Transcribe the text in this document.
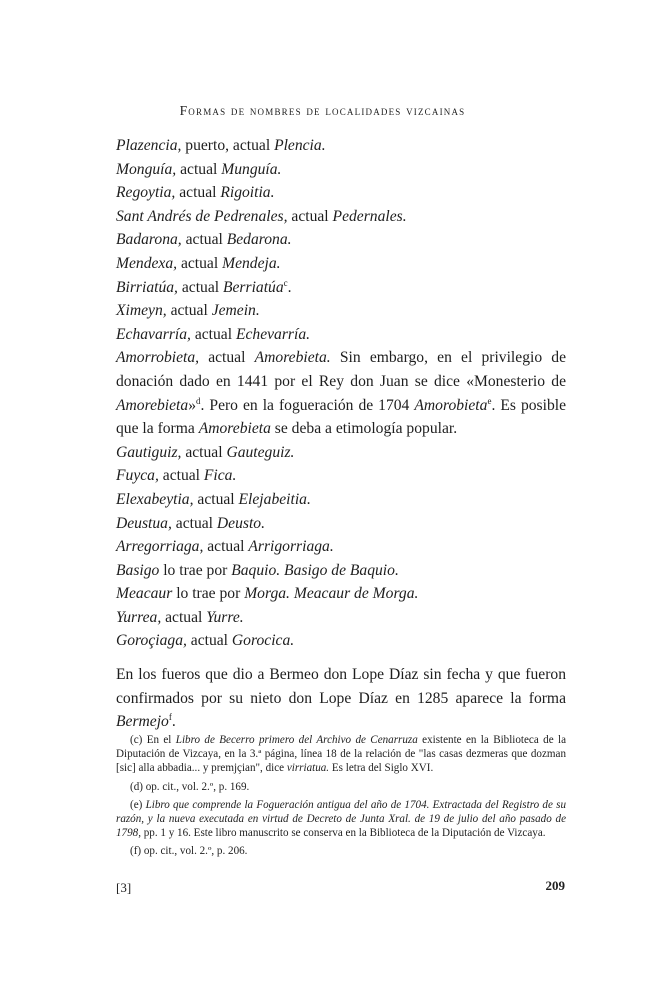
Formas de nombres de localidades vizcainas
Plazencia, puerto, actual Plencia.
Monguía, actual Munguía.
Regoytia, actual Rigoitia.
Sant Andrés de Pedrenales, actual Pedernales.
Badarona, actual Bedarona.
Mendexa, actual Mendeja.
Birriatúa, actual Berriatúa$^c$.
Ximeyn, actual Jemein.
Echavarría, actual Echevarría.

Amorrobieta, actual Amorebieta. Sin embargo, en el privilegio de donación dado en 1441 por el Rey don Juan se dice «Monesterio de Amorebieta»$^d$. Pero en la fogueración de 1704 Amorobieta$^e$. Es posible que la forma Amorebieta se deba a etimología popular.

Gautiguiz, actual Gauteguiz.
Fuyca, actual Fica.
Elexabeytia, actual Elejabeitia.
Deustua, actual Deusto.
Arregorriaga, actual Arrigorriaga.
Basigo lo trae por Baquio. Basigo de Baquio.
Meacaur lo trae por Morga. Meacaur de Morga.
Yurrea, actual Yurre.
Goroçiaga, actual Gorocica.

En los fueros que dio a Bermeo don Lope Díaz sin fecha y que fueron confirmados por su nieto don Lope Díaz en 1285 aparece la forma Bermejo$^f$.

(c) En el Libro de Becerro primero del Archivo de Cenarruza existente en la Biblioteca de la Diputación de Vizcaya, en la 3.ª página, línea 18 de la relación de "las casas dezmeras que dozman [sic] alla abbadia... y premjçian", dice virriatua. Es letra del Siglo XVI.

(d) op. cit., vol. 2.º, p. 169.

(e) Libro que comprende la Fogueración antigua del año de 1704. Extractada del Registro de su razón, y la nueva executada en virtud de Decreto de Junta Xral. de 19 de julio del año pasado de 1798, pp. 1 y 16. Este libro manuscrito se conserva en la Biblioteca de la Diputación de Vizcaya.

(f) op. cit., vol. 2.º, p. 206.

[3]	209
